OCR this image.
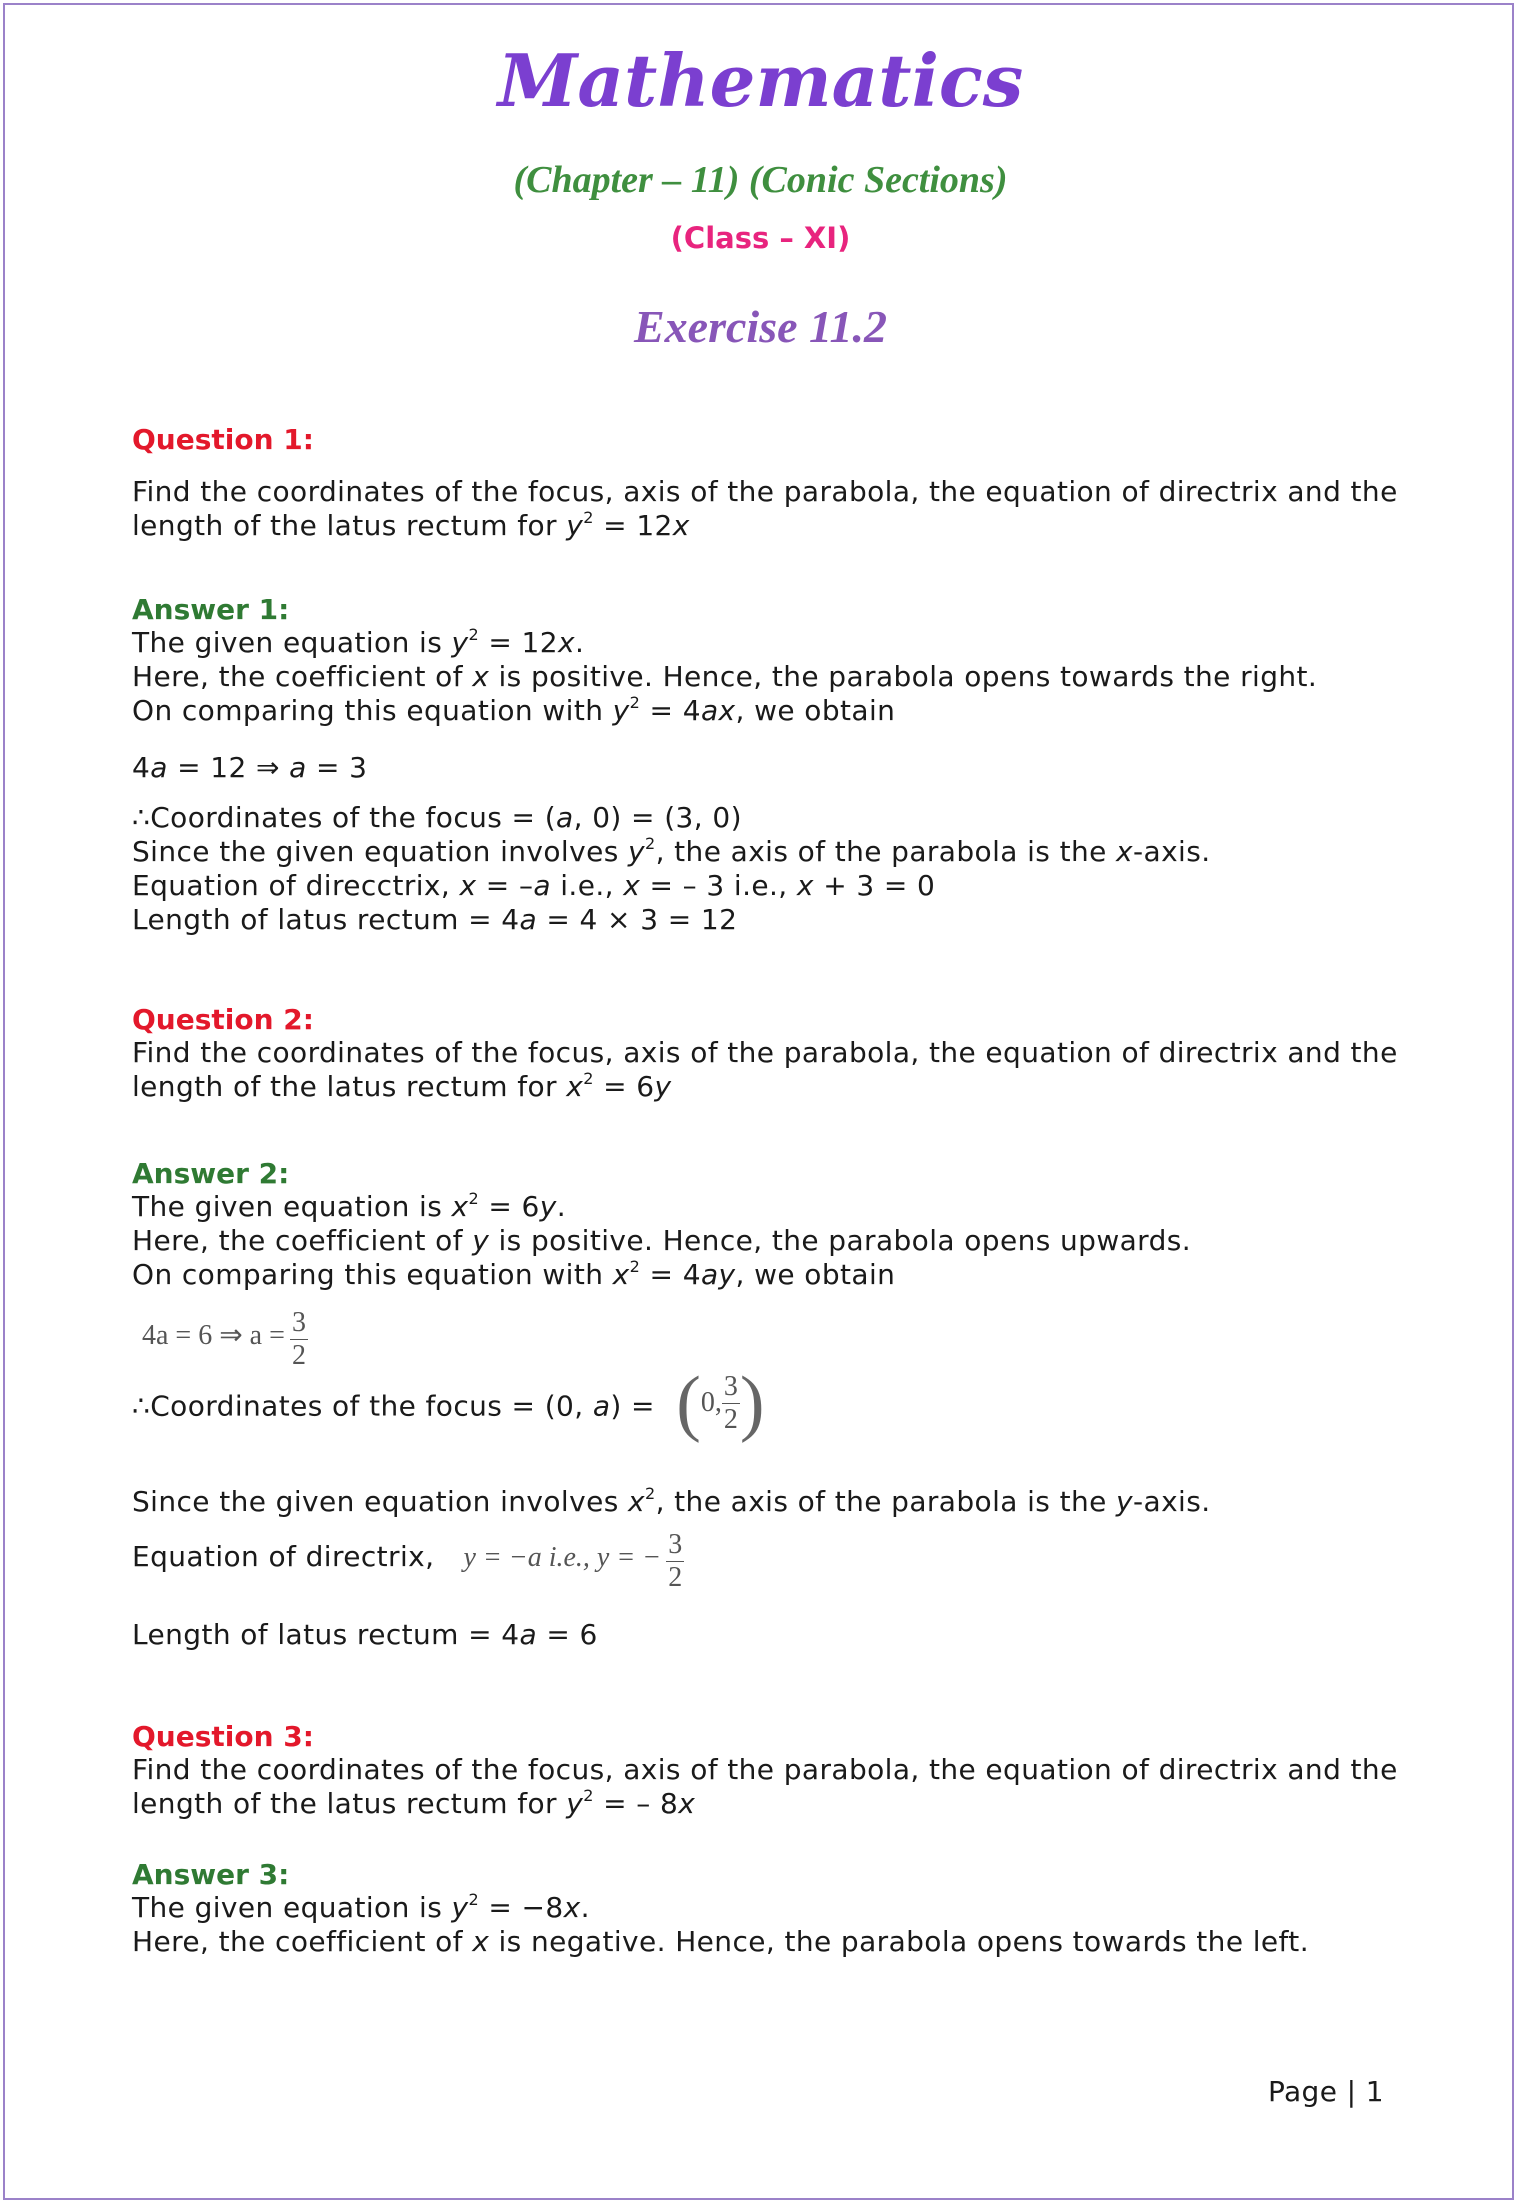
Mathematics
(Chapter – 11) (Conic Sections)
(Class – XI)
Exercise 11.2
Question 1:
Find the coordinates of the focus, axis of the parabola, the equation of directrix and the
length of the latus rectum for $y^2 = 12x$
Answer 1:
The given equation is $y^2 = 12x$.
Here, the coefficient of x is positive. Hence, the parabola opens towards the right.
On comparing this equation with $y^2 = 4ax$, we obtain
4a = 12 ⇒ a = 3
∴Coordinates of the focus = (a, 0) = (3, 0)
Since the given equation involves $y^2$, the axis of the parabola is the x-axis.
Equation of direcctrix, x = –a i.e., x = – 3 i.e., x + 3 = 0
Length of latus rectum = 4a = 4 × 3 = 12
Question 2:
Find the coordinates of the focus, axis of the parabola, the equation of directrix and the
length of the latus rectum for $x^2 = 6y$
Answer 2:
The given equation is $x^2 = 6y$.
Here, the coefficient of y is positive. Hence, the parabola opens upwards.
On comparing this equation with $x^2 = 4ay$, we obtain
4a = 6 ⇒ $a = \frac{3}{2}$
∴Coordinates of the focus = (0, a) = (0, $\frac{3}{2}$ )
Since the given equation involves $x^2$, the axis of the parabola is the y-axis.
Equation of directrix, y = −a i.e., y = − $\frac{3}{2}$
Length of latus rectum = 4a = 6
Question 3:
Find the coordinates of the focus, axis of the parabola, the equation of directrix and the
length of the latus rectum for $y^2$ = – 8x
Answer 3:
The given equation is $y^2 = -8x$.
Here, the coefficient of x is negative. Hence, the parabola opens towards the left.
Page | 1
